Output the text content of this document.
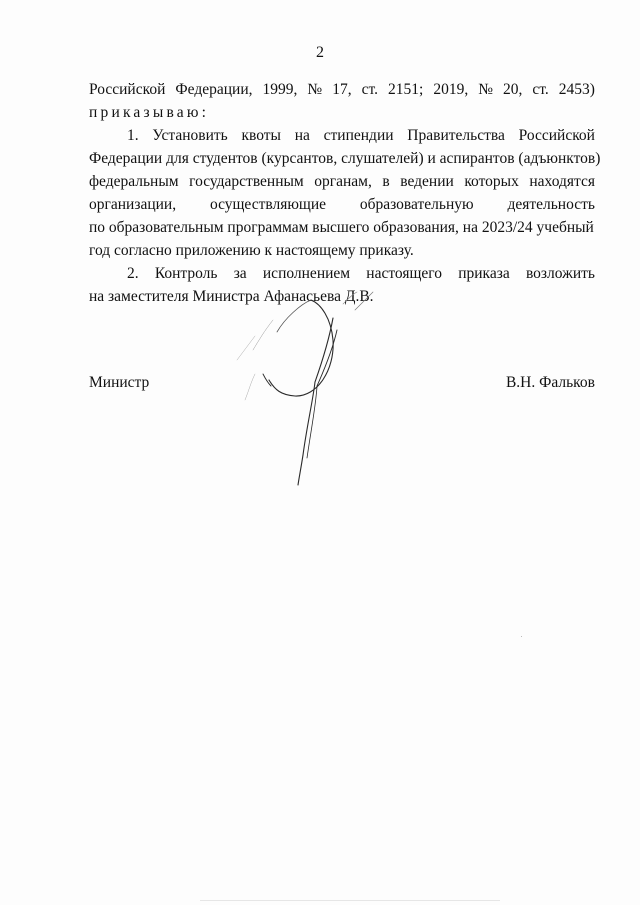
2
Российской Федерации, 1999, № 17, ст. 2151; 2019, № 20, ст. 2453)
приказываю:
1. Установить квоты на стипендии Правительства Российской
Федерации для студентов (курсантов, слушателей) и аспирантов (адъюнктов)
федеральным государственным органам, в ведении которых находятся
организации, осуществляющие образовательную деятельность
по образовательным программам высшего образования, на 2023/24 учебный
год согласно приложению к настоящему приказу.
2. Контроль за исполнением настоящего приказа возложить
на заместителя Министра Афанасьева Д.В.
Министр	В.Н. Фальков
